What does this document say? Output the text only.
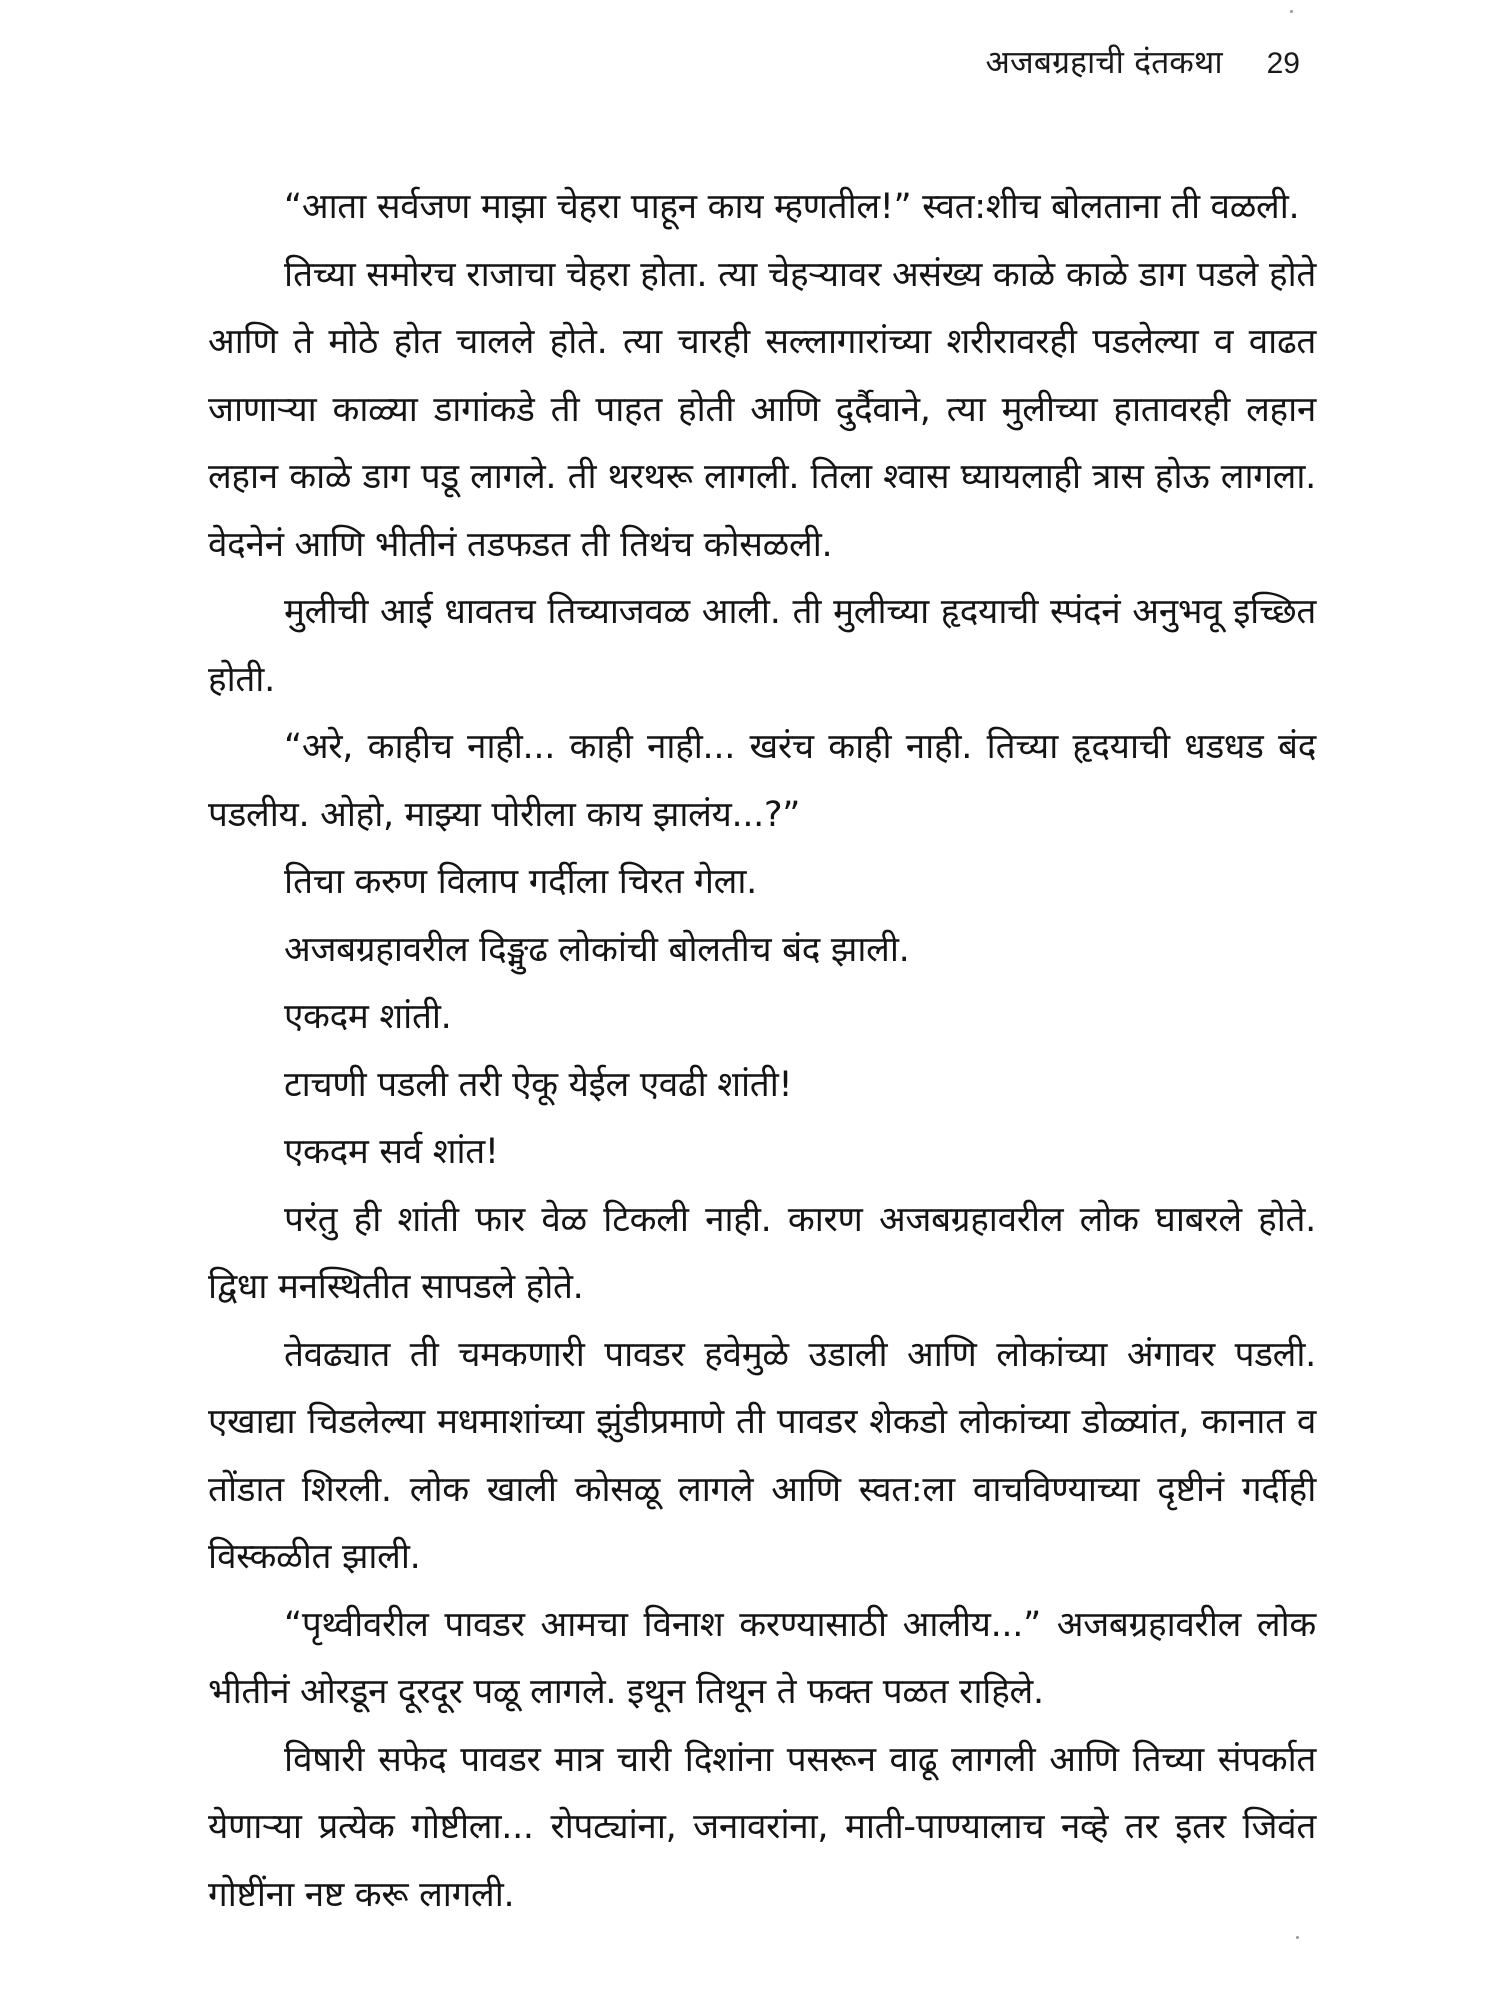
अजबग्रहाची दंतकथा 29

“आता सर्वजण माझा चेहरा पाहून काय म्हणतील!” स्वत:शीच बोलताना ती वळली.

तिच्या समोरच राजाचा चेहरा होता. त्या चेहऱ्यावर असंख्य काळे काळे डाग पडले होते आणि ते मोठे होत चालले होते. त्या चारही सल्लागारांच्या शरीरावरही पडलेल्या व वाढत जाणाऱ्या काळ्या डागांकडे ती पाहत होती आणि दुर्दैवाने, त्या मुलीच्या हातावरही लहान लहान काळे डाग पडू लागले. ती थरथरू लागली. तिला श्वास घ्यायलाही त्रास होऊ लागला. वेदनेनं आणि भीतीनं तडफडत ती तिथंच कोसळली.

मुलीची आई धावतच तिच्याजवळ आली. ती मुलीच्या हृदयाची स्पंदनं अनुभवू इच्छित होती.

“अरे, काहीच नाही... काही नाही... खरंच काही नाही. तिच्या हृदयाची धडधड बंद पडलीय. ओहो, माझ्या पोरीला काय झालंय...?”

तिचा करुण विलाप गर्दीला चिरत गेला.

अजबग्रहावरील दिङ्मुढ लोकांची बोलतीच बंद झाली.

एकदम शांती.

टाचणी पडली तरी ऐकू येईल एवढी शांती!

एकदम सर्व शांत!

परंतु ही शांती फार वेळ टिकली नाही. कारण अजबग्रहावरील लोक घाबरले होते. द्विधा मनस्थितीत सापडले होते.

तेवढ्यात ती चमकणारी पावडर हवेमुळे उडाली आणि लोकांच्या अंगावर पडली. एखाद्या चिडलेल्या मधमाशांच्या झुंडीप्रमाणे ती पावडर शेकडो लोकांच्या डोळ्यांत, कानात व तोंडात शिरली. लोक खाली कोसळू लागले आणि स्वत:ला वाचविण्याच्या दृष्टीनं गर्दीही विस्कळीत झाली.

“पृथ्वीवरील पावडर आमचा विनाश करण्यासाठी आलीय...” अजबग्रहावरील लोक भीतीनं ओरडून दूरदूर पळू लागले. इथून तिथून ते फक्त पळत राहिले.

विषारी सफेद पावडर मात्र चारी दिशांना पसरून वाढू लागली आणि तिच्या संपर्कात येणाऱ्या प्रत्येक गोष्टीला... रोपट्यांना, जनावरांना, माती-पाण्यालाच नव्हे तर इतर जिवंत गोष्टींना नष्ट करू लागली.
